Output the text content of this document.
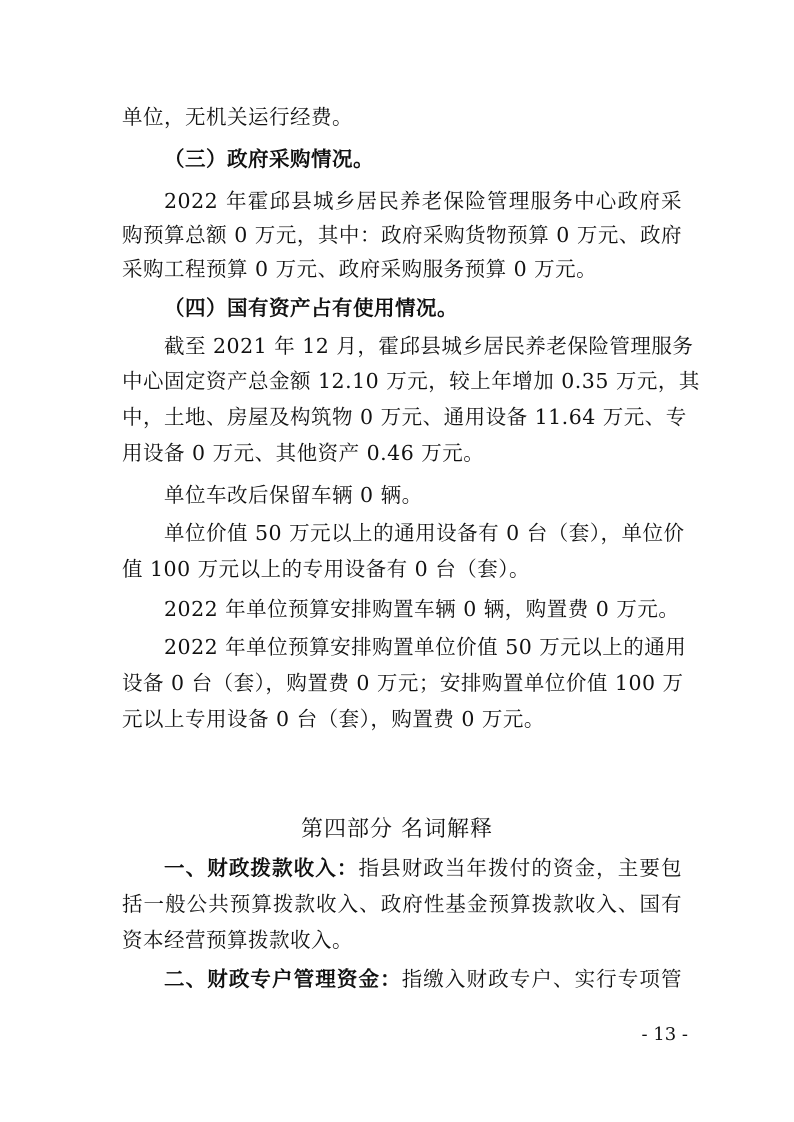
单位，无机关运行经费。
（三）政府采购情况。
2022 年霍邱县城乡居民养老保险管理服务中心政府采
购预算总额 0 万元，其中：政府采购货物预算 0 万元、政府
采购工程预算 0 万元、政府采购服务预算 0 万元。
（四）国有资产占有使用情况。
截至 2021 年 12 月，霍邱县城乡居民养老保险管理服务
中心固定资产总金额 12.10 万元，较上年增加 0.35 万元，其
中，土地、房屋及构筑物 0 万元、通用设备 11.64 万元、专
用设备 0 万元、其他资产 0.46 万元。
单位车改后保留车辆 0 辆。
单位价值 50 万元以上的通用设备有 0 台（套），单位价
值 100 万元以上的专用设备有 0 台（套）。
2022 年单位预算安排购置车辆 0 辆，购置费 0 万元。
2022 年单位预算安排购置单位价值 50 万元以上的通用
设备 0 台（套），购置费 0 万元；安排购置单位价值 100 万
元以上专用设备 0 台（套），购置费 0 万元。
第四部分 名词解释
一、财政拨款收入：指县财政当年拨付的资金，主要包
括一般公共预算拨款收入、政府性基金预算拨款收入、国有
资本经营预算拨款收入。
二、财政专户管理资金：指缴入财政专户、实行专项管
- 13 -
